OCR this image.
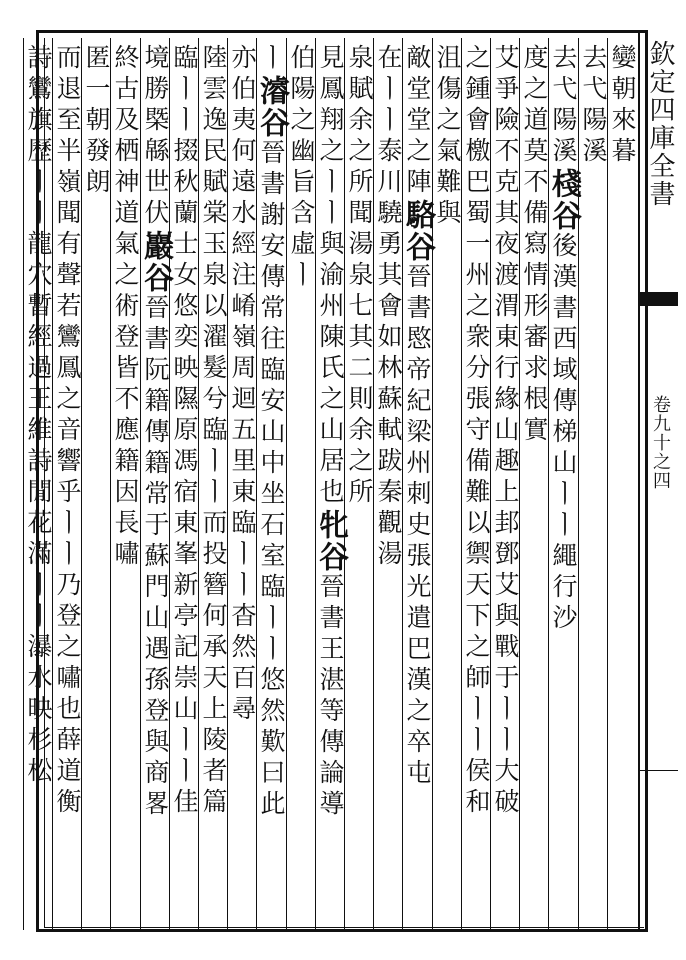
欽定四庫全書
卷九十之四
孌朝來暮
去弋陽溪
去弋陽溪棧谷後漢書西域傳梯山ㅣㅣ繩行沙
度之道莫不備寫情形審求根實
艾爭險不克其夜渡渭東行緣山趣上邽鄧艾與戰于ㅣㅣ大破
之鍾會檄巴蜀一州之衆分張守備難以禦天下之師ㅣㅣ侯和
沮傷之氣難與
敵堂堂之陣駱谷晉書愍帝紀梁州刺史張光遣巴漢之卒屯
在ㅣㅣ泰川驍勇其會如林蘇軾跋秦觀湯
泉賦余之所聞湯泉七其二則余之所
見鳳翔之ㅣㅣ與渝州陳氏之山居也牝谷晉書王湛等傳論導
伯陽之幽旨含虛ㅣ
ㅣ濬谷晉書謝安傳常往臨安山中坐石室臨ㅣㅣ悠然歎曰此
亦伯夷何遠水經注崤嶺周迴五里東臨ㅣㅣ杳然百尋
陸雲逸民賦棠玉泉以濯髮兮臨ㅣㅣ而投簪何承天上陵者篇
臨ㅣㅣ掇秋蘭士女悠奕映隰原馮宿東峯新亭記崇山ㅣㅣ佳
境勝槩緜世伏巖谷晉書阮籍傳籍常于蘇門山遇孫登與商畧
終古及栖神道氣之術登皆不應籍因長嘯
匿一朝發朗
而退至半嶺聞有聲若鸞鳳之音響乎ㅣㅣ乃登之嘯也薛道衡
詩鸞旗歷ㅣㅣ龍穴暫經過王維詩閒花滿ㅣㅣ瀑水映杉松
